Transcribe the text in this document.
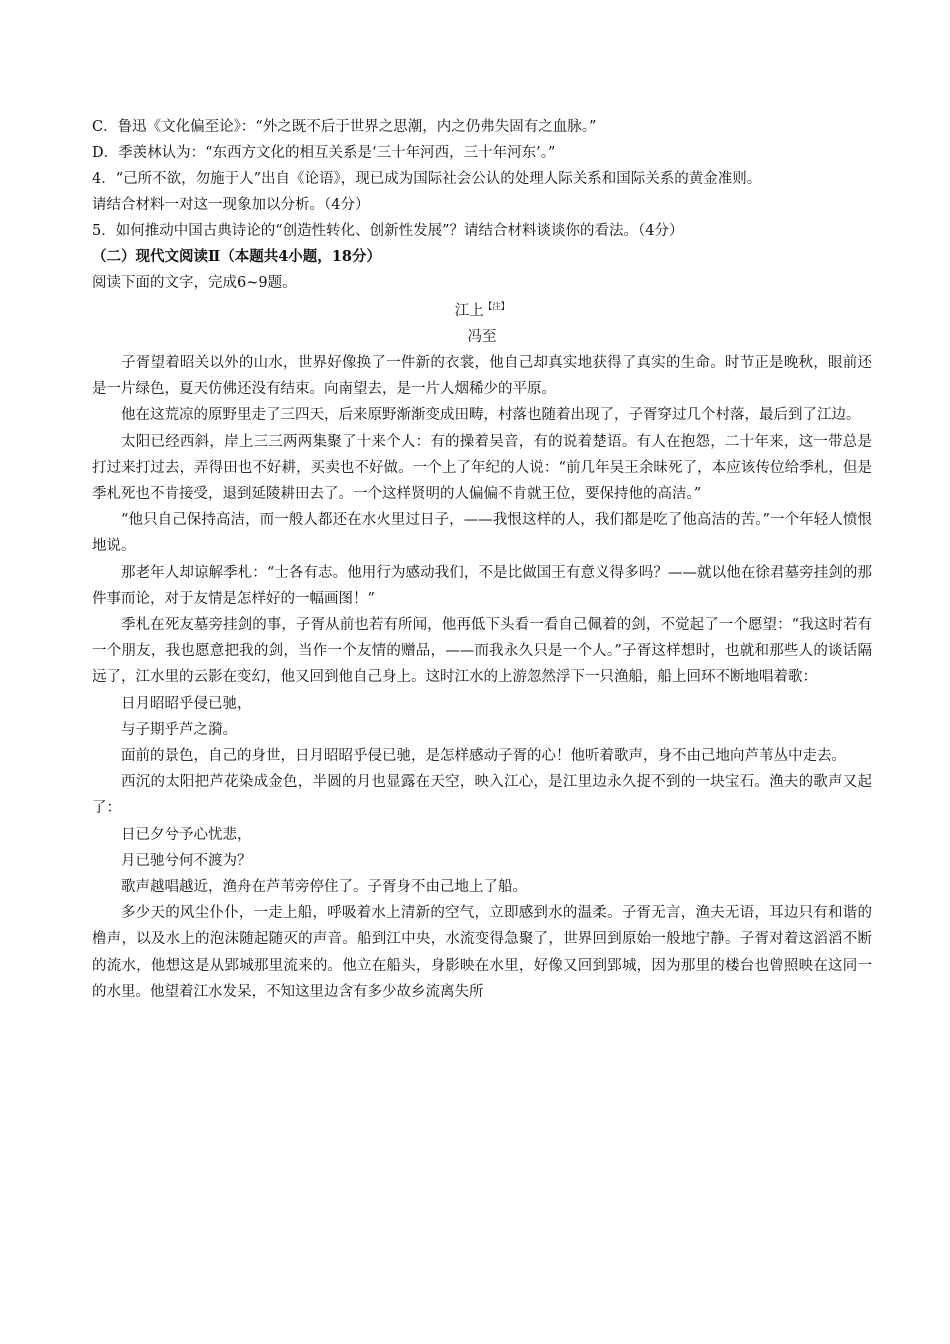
C．鲁迅《文化偏至论》：“外之既不后于世界之思潮，内之仍弗失固有之血脉。”

D．季羡林认为：“东西方文化的相互关系是‘三十年河西，三十年河东’。”

4．“己所不欲，勿施于人”出自《论语》，现已成为国际社会公认的处理人际关系和国际关系的黄金准则。

请结合材料一对这一现象加以分析。（4分）

5．如何推动中国古典诗论的“创造性转化、创新性发展”？请结合材料谈谈你的看法。（4分）

（二）现代文阅读Ⅱ（本题共4小题，18分）

阅读下面的文字，完成6~9题。

江上$^{【注】}$

冯至

子胥望着昭关以外的山水，世界好像换了一件新的衣裳，他自己却真实地获得了真实的生命。时节正是晚秋，眼前还是一片绿色，夏天仿佛还没有结束。向南望去，是一片人烟稀少的平原。

他在这荒凉的原野里走了三四天，后来原野渐渐变成田畴，村落也随着出现了，子胥穿过几个村落，最后到了江边。

太阳已经西斜，岸上三三两两集聚了十来个人：有的操着吴音，有的说着楚语。有人在抱怨，二十年来，这一带总是打过来打过去，弄得田也不好耕，买卖也不好做。一个上了年纪的人说：“前几年吴王余昧死了，本应该传位给季札，但是季札死也不肯接受，退到延陵耕田去了。一个这样贤明的人偏偏不肯就王位，要保持他的高洁。”

“他只自己保持高洁，而一般人都还在水火里过日子，——我恨这样的人，我们都是吃了他高洁的苦。”一个年轻人愤恨地说。

那老年人却谅解季札：“士各有志。他用行为感动我们，不是比做国王有意义得多吗？——就以他在徐君墓旁挂剑的那件事而论，对于友情是怎样好的一幅画图！”

季札在死友墓旁挂剑的事，子胥从前也若有所闻，他再低下头看一看自己佩着的剑，不觉起了一个愿望：“我这时若有一个朋友，我也愿意把我的剑，当作一个友情的赠品，——而我永久只是一个人。”子胥这样想时，也就和那些人的谈话隔远了，江水里的云影在变幻，他又回到他自己身上。这时江水的上游忽然浮下一只渔船，船上回环不断地唱着歌：

日月昭昭乎侵已驰，

与子期乎芦之漪。

面前的景色，自己的身世，日月昭昭乎侵已驰，是怎样感动子胥的心！他听着歌声，身不由己地向芦苇丛中走去。

西沉的太阳把芦花染成金色，半圆的月也显露在天空，映入江心，是江里边永久捉不到的一块宝石。渔夫的歌声又起了：

日已夕兮予心忧悲，

月已驰兮何不渡为？

歌声越唱越近，渔舟在芦苇旁停住了。子胥身不由己地上了船。

多少天的风尘仆仆，一走上船，呼吸着水上清新的空气，立即感到水的温柔。子胥无言，渔夫无语，耳边只有和谐的橹声，以及水上的泡沫随起随灭的声音。船到江中央，水流变得急聚了，世界回到原始一般地宁静。子胥对着这滔滔不断的流水，他想这是从郢城那里流来的。他立在船头，身影映在水里，好像又回到郢城，因为那里的楼台也曾照映在这同一的水里。他望着江水发呆，不知这里边含有多少故乡流离失所
